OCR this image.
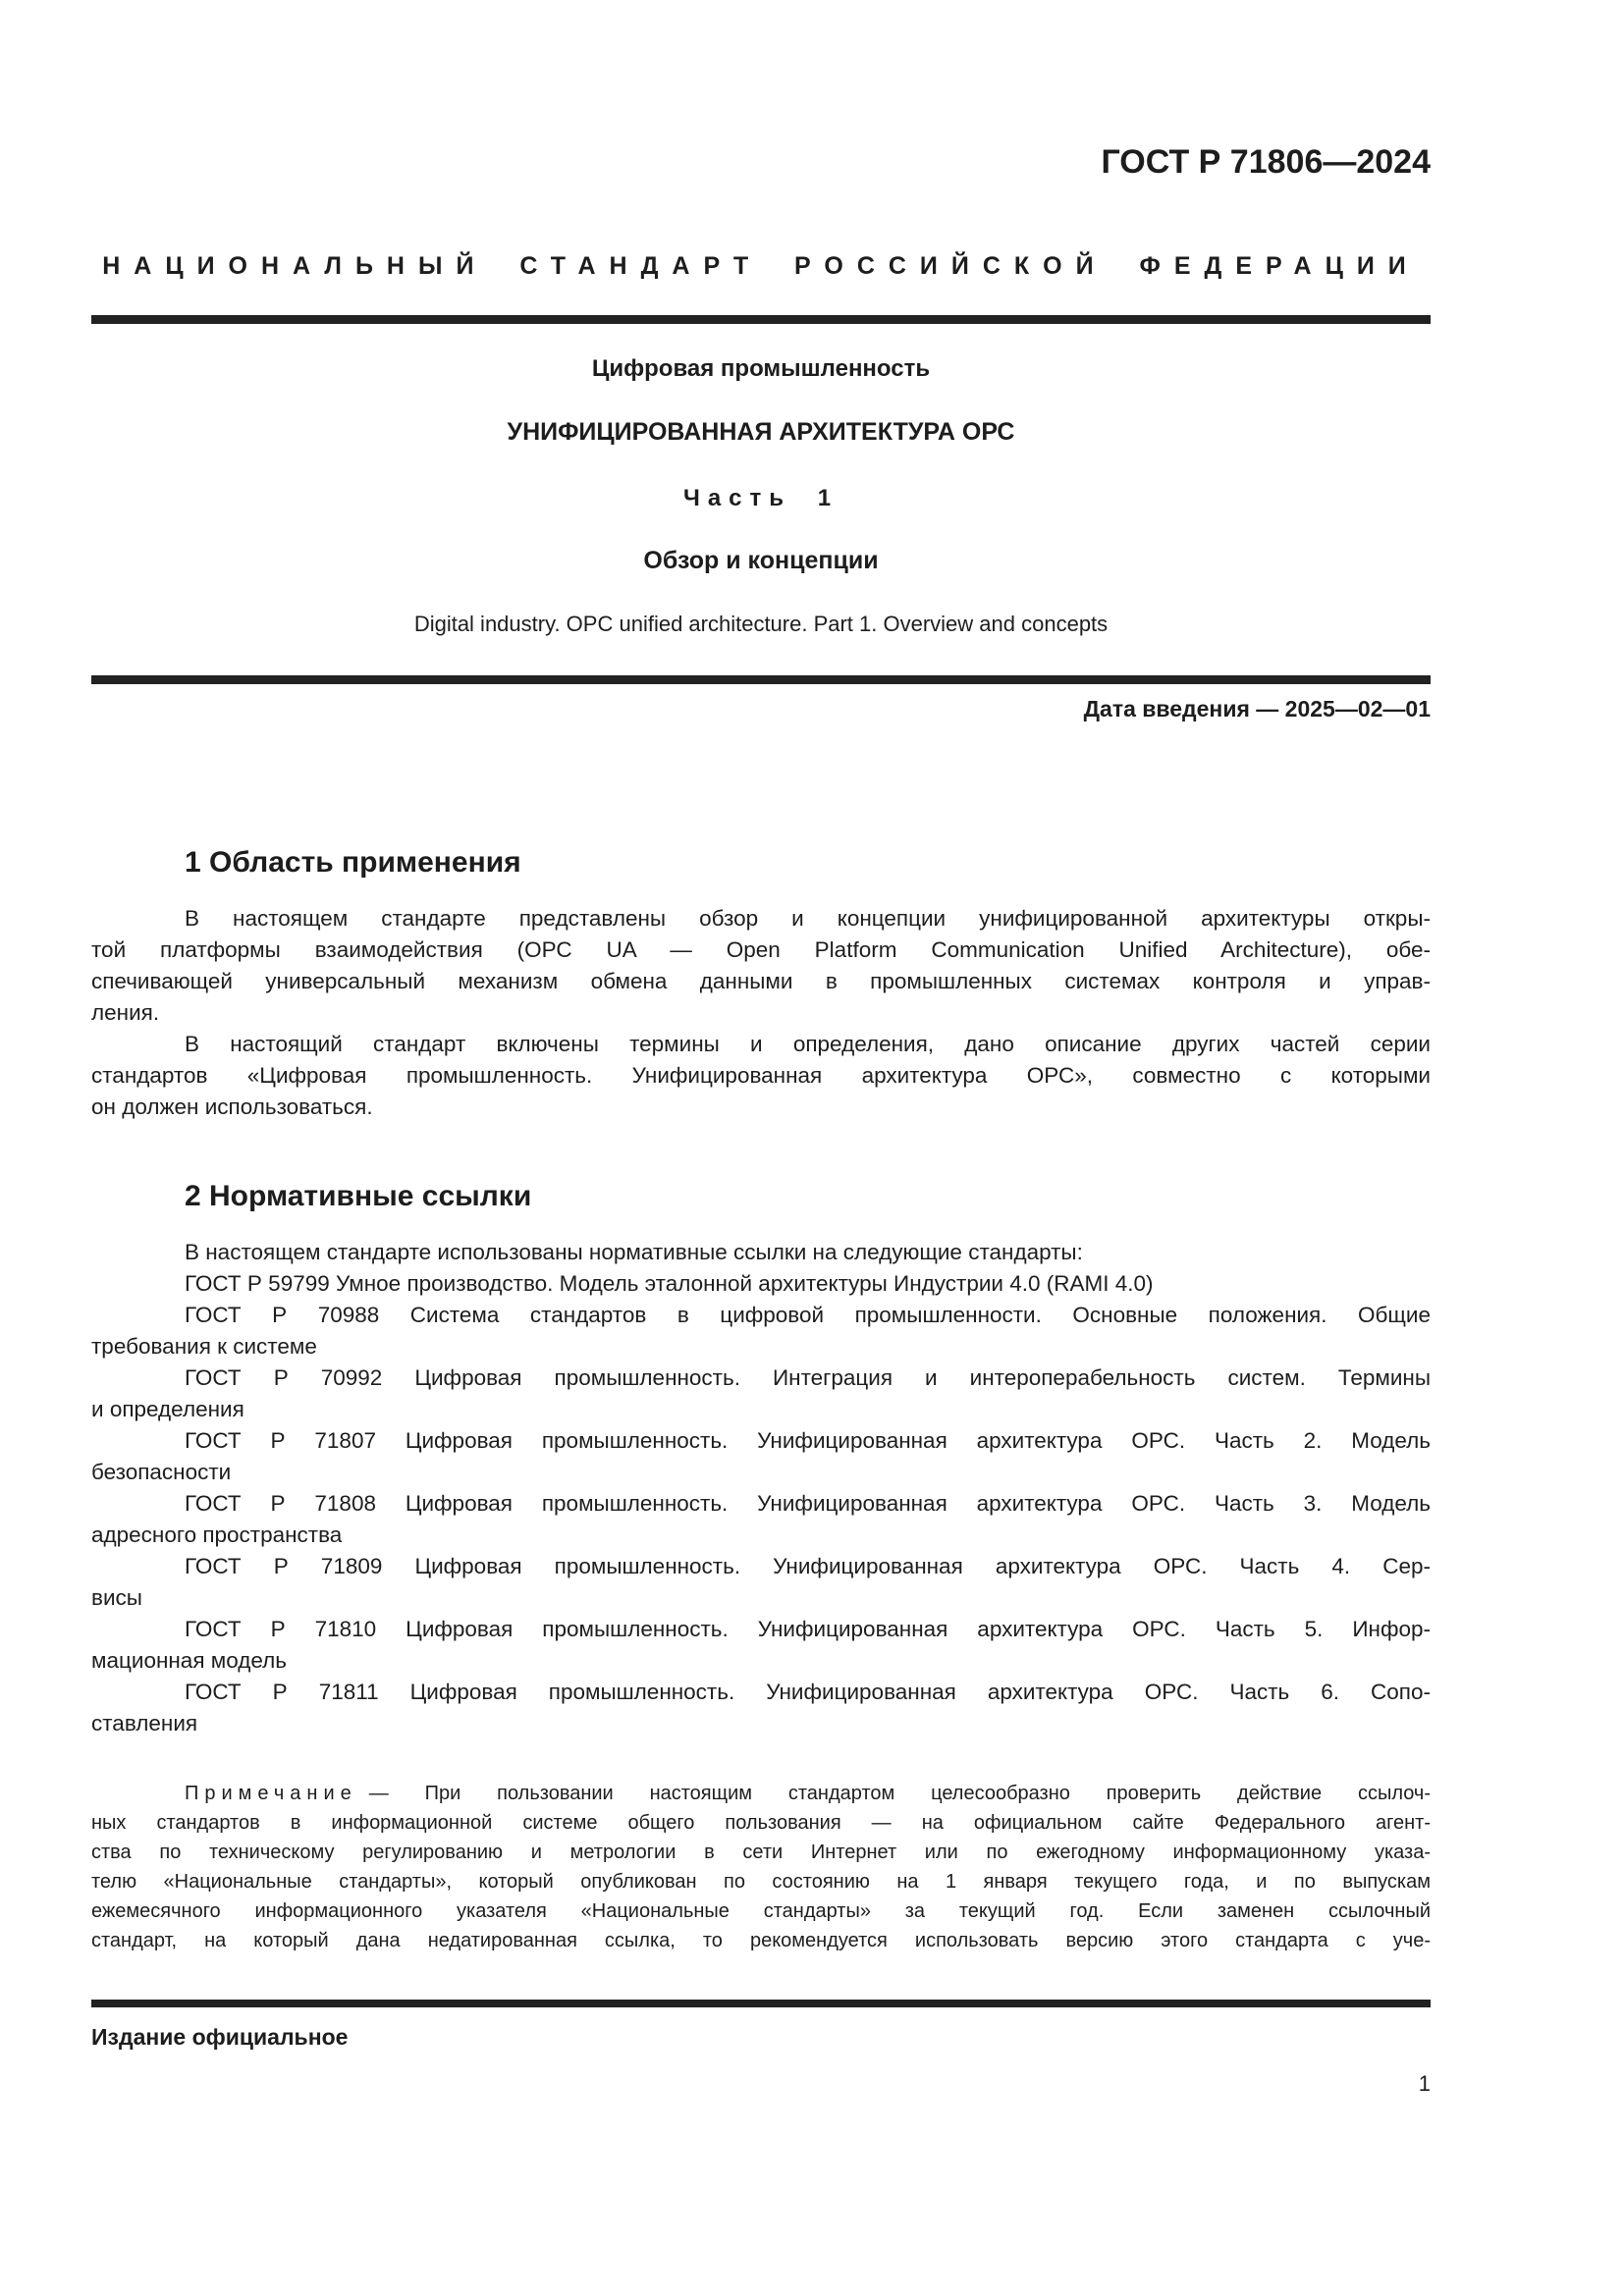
ГОСТ Р 71806—2024
НАЦИОНАЛЬНЫЙ СТАНДАРТ РОССИЙСКОЙ ФЕДЕРАЦИИ
Цифровая промышленность
УНИФИЦИРОВАННАЯ АРХИТЕКТУРА ОРС
Часть 1
Обзор и концепции
Digital industry. OPC unified architecture. Part 1. Overview and concepts
Дата введения — 2025—02—01
1 Область применения
В настоящем стандарте представлены обзор и концепции унифицированной архитектуры откры-
той платформы взаимодействия (ОРС UA — Open Platform Communication Unified Architecture), обе-
спечивающей универсальный механизм обмена данными в промышленных системах контроля и управ-
ления.
В настоящий стандарт включены термины и определения, дано описание других частей серии
стандартов «Цифровая промышленность. Унифицированная архитектура ОРС», совместно с которыми
он должен использоваться.
2 Нормативные ссылки
В настоящем стандарте использованы нормативные ссылки на следующие стандарты:
ГОСТ Р 59799 Умное производство. Модель эталонной архитектуры Индустрии 4.0 (RAMI 4.0)
ГОСТ Р 70988 Система стандартов в цифровой промышленности. Основные положения. Общие
требования к системе
ГОСТ Р 70992 Цифровая промышленность. Интеграция и интероперабельность систем. Термины
и определения
ГОСТ Р 71807 Цифровая промышленность. Унифицированная архитектура ОРС. Часть 2. Модель
безопасности
ГОСТ Р 71808 Цифровая промышленность. Унифицированная архитектура ОРС. Часть 3. Модель
адресного пространства
ГОСТ Р 71809 Цифровая промышленность. Унифицированная архитектура ОРС. Часть 4. Сер-
висы
ГОСТ Р 71810 Цифровая промышленность. Унифицированная архитектура ОРС. Часть 5. Инфор-
мационная модель
ГОСТ Р 71811 Цифровая промышленность. Унифицированная архитектура ОРС. Часть 6. Сопо-
ставления
Примечание — При пользовании настоящим стандартом целесообразно проверить действие ссылоч-
ных стандартов в информационной системе общего пользования — на официальном сайте Федерального агент-
ства по техническому регулированию и метрологии в сети Интернет или по ежегодному информационному указа-
телю «Национальные стандарты», который опубликован по состоянию на 1 января текущего года, и по выпускам
ежемесячного информационного указателя «Национальные стандарты» за текущий год. Если заменен ссылочный
стандарт, на который дана недатированная ссылка, то рекомендуется использовать версию этого стандарта с уче-
Издание официальное
1
